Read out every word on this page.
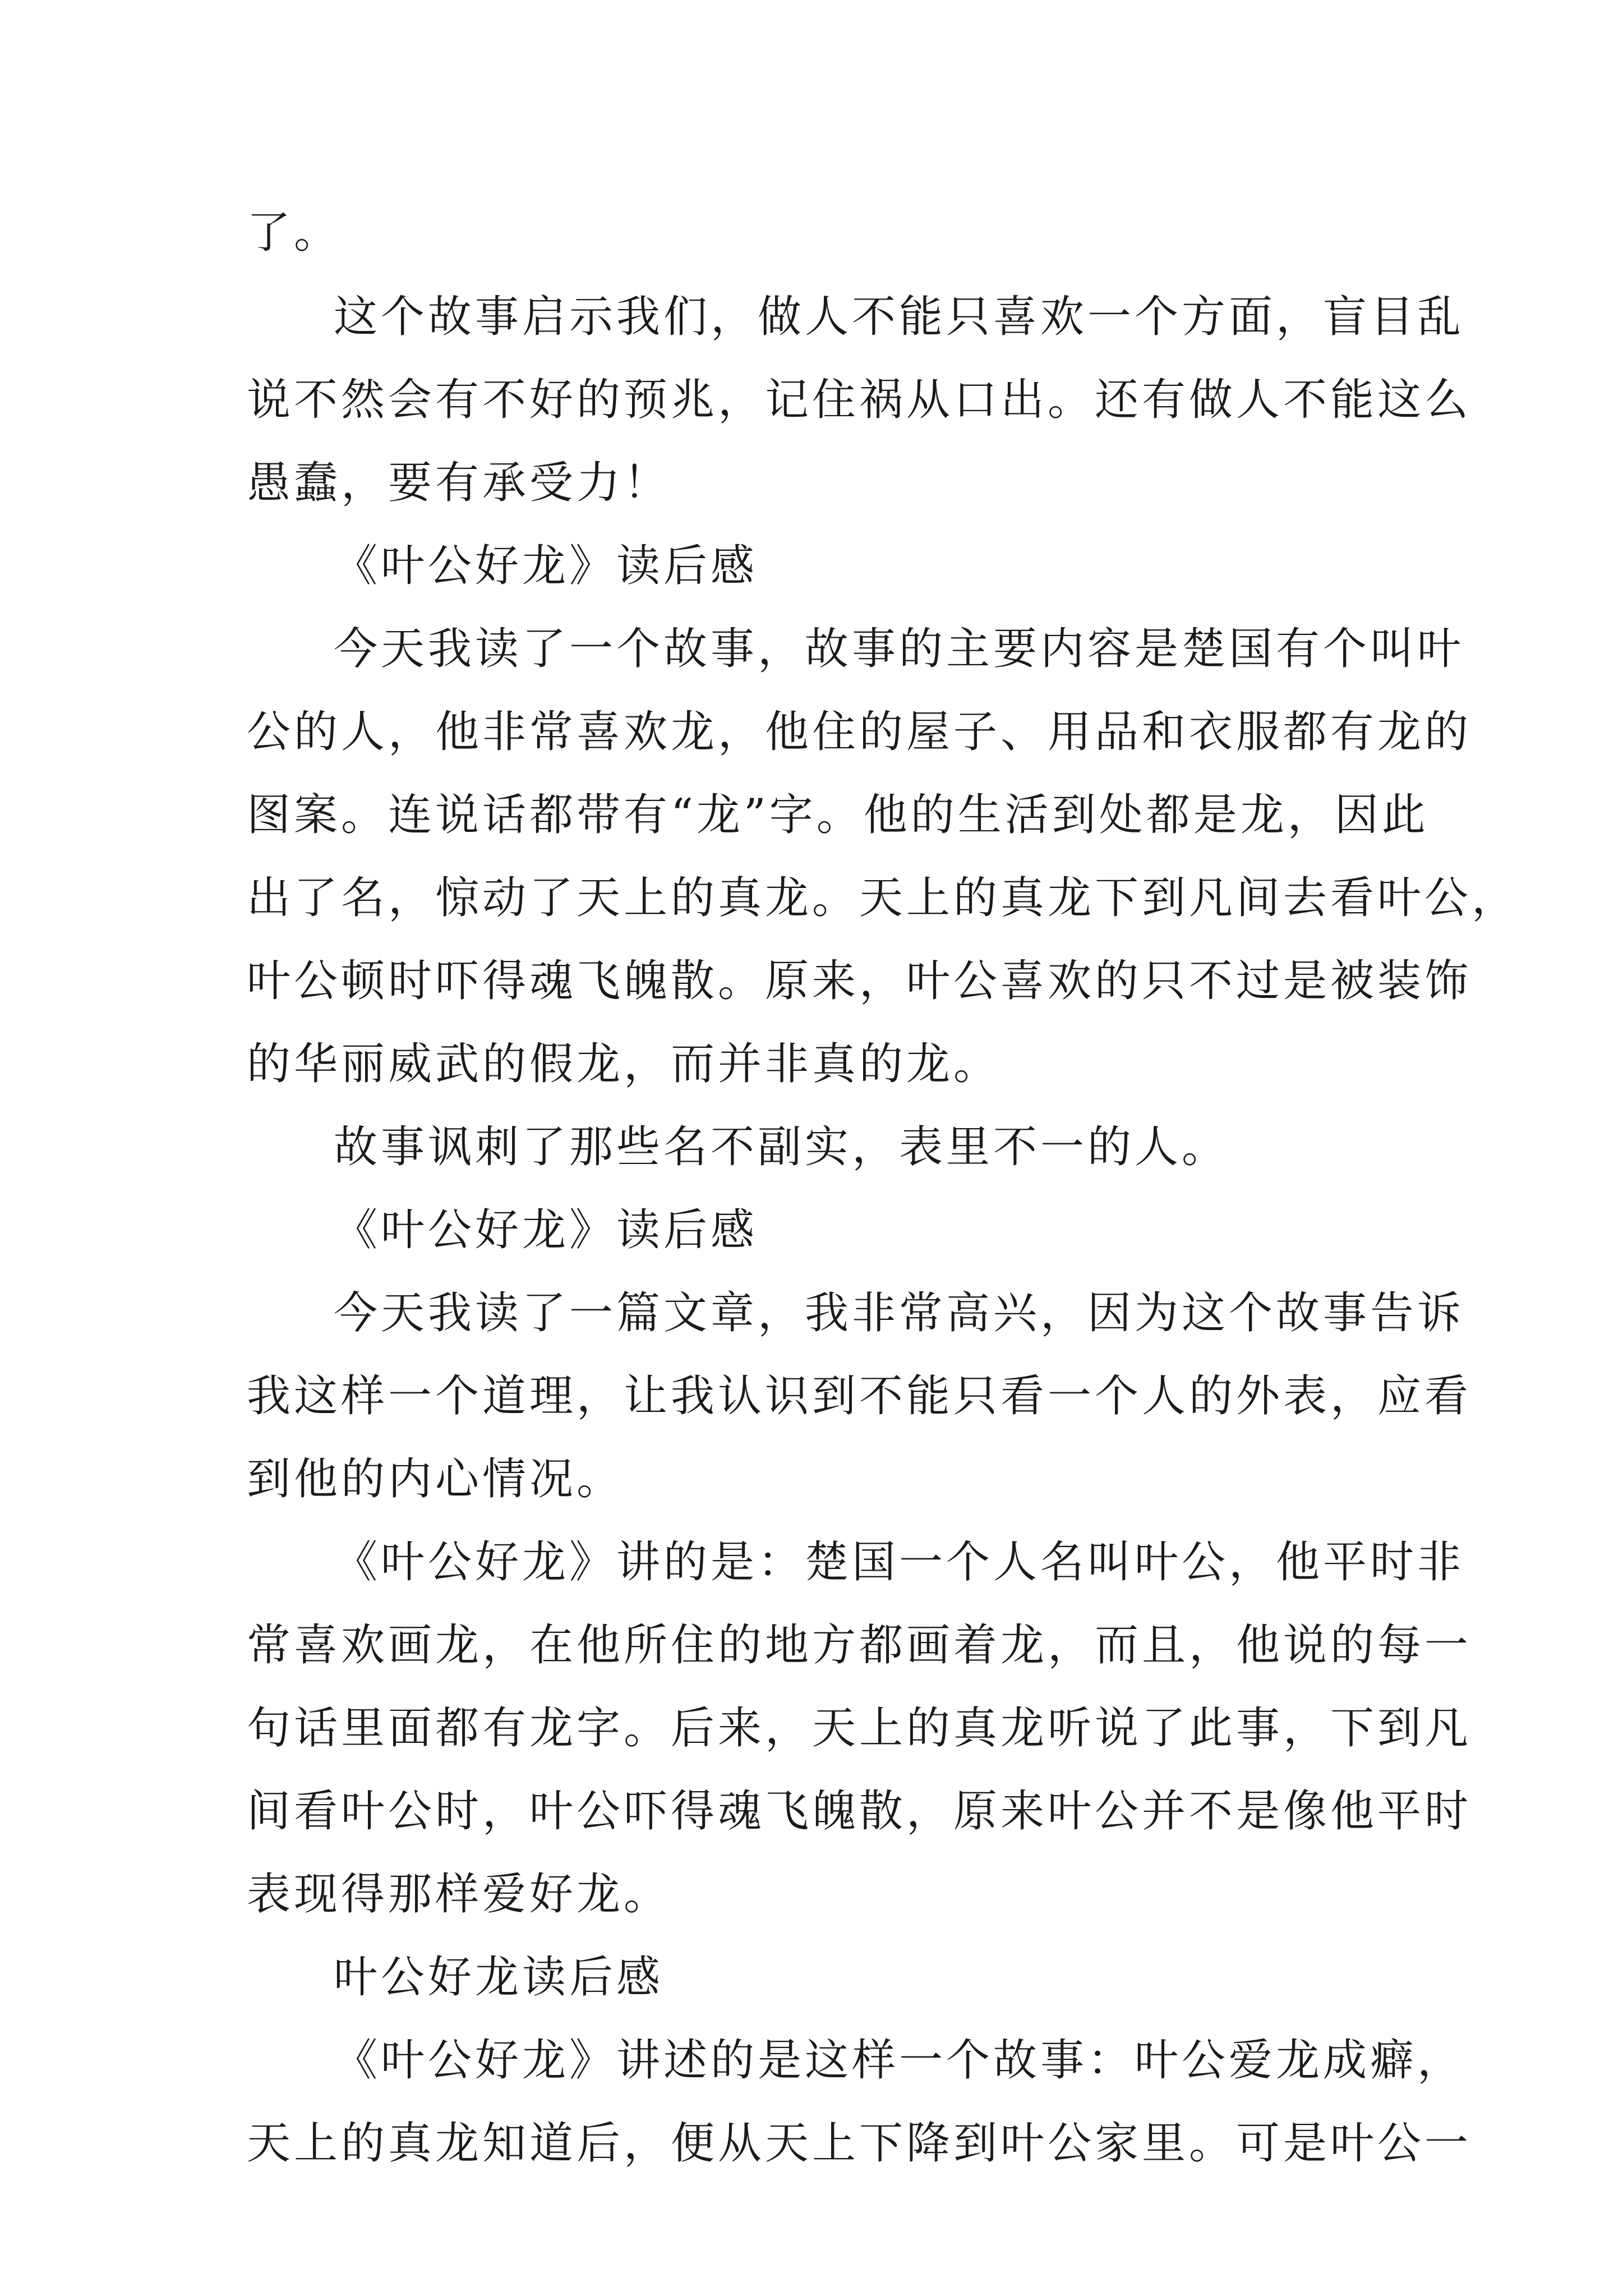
了。
这个故事启示我们，做人不能只喜欢一个方面，盲目乱
说不然会有不好的预兆，记住祸从口出。还有做人不能这么
愚蠢，要有承受力！
《叶公好龙》读后感
今天我读了一个故事，故事的主要内容是楚国有个叫叶
公的人，他非常喜欢龙，他住的屋子、用品和衣服都有龙的
图案。连说话都带有“龙”字。他的生活到处都是龙，因此
出了名，惊动了天上的真龙。天上的真龙下到凡间去看叶公，
叶公顿时吓得魂飞魄散。原来，叶公喜欢的只不过是被装饰
的华丽威武的假龙，而并非真的龙。
故事讽刺了那些名不副实，表里不一的人。
《叶公好龙》读后感
今天我读了一篇文章，我非常高兴，因为这个故事告诉
我这样一个道理，让我认识到不能只看一个人的外表，应看
到他的内心情况。
《叶公好龙》讲的是：楚国一个人名叫叶公，他平时非
常喜欢画龙，在他所住的地方都画着龙，而且，他说的每一
句话里面都有龙字。后来，天上的真龙听说了此事，下到凡
间看叶公时，叶公吓得魂飞魄散，原来叶公并不是像他平时
表现得那样爱好龙。
叶公好龙读后感
《叶公好龙》讲述的是这样一个故事：叶公爱龙成癖，
天上的真龙知道后，便从天上下降到叶公家里。可是叶公一
